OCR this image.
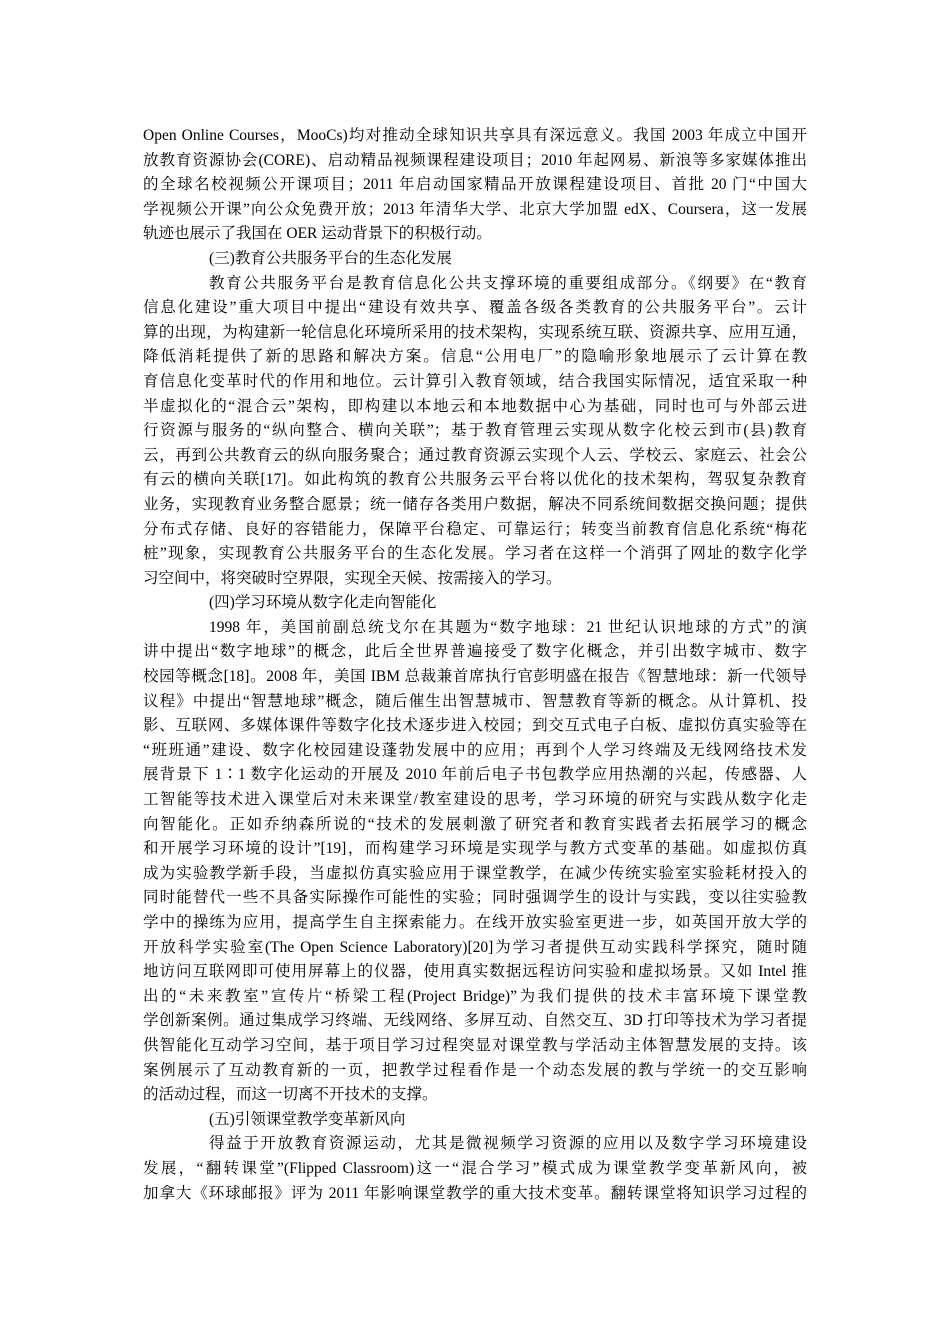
Open Online Courses，MooCs)均对推动全球知识共享具有深远意义。我国 2003 年成立中国开
放教育资源协会(CORE)、启动精品视频课程建设项目；2010 年起网易、新浪等多家媒体推出
的全球名校视频公开课项目；2011 年启动国家精品开放课程建设项目、首批 20 门“中国大
学视频公开课”向公众免费开放；2013 年清华大学、北京大学加盟 edX、Coursera，这一发展
轨迹也展示了我国在 OER 运动背景下的积极行动。
(三)教育公共服务平台的生态化发展
教育公共服务平台是教育信息化公共支撑环境的重要组成部分。《纲要》在“教育
信息化建设”重大项目中提出“建设有效共享、覆盖各级各类教育的公共服务平台”。云计
算的出现，为构建新一轮信息化环境所采用的技术架构，实现系统互联、资源共享、应用互通，
降低消耗提供了新的思路和解决方案。信息“公用电厂”的隐喻形象地展示了云计算在教
育信息化变革时代的作用和地位。云计算引入教育领域，结合我国实际情况，适宜采取一种
半虚拟化的“混合云”架构，即构建以本地云和本地数据中心为基础，同时也可与外部云进
行资源与服务的“纵向整合、横向关联”；基于教育管理云实现从数字化校云到市(县)教育
云，再到公共教育云的纵向服务聚合；通过教育资源云实现个人云、学校云、家庭云、社会公
有云的横向关联[17]。如此构筑的教育公共服务云平台将以优化的技术架构，驾驭复杂教育
业务，实现教育业务整合愿景；统一储存各类用户数据，解决不同系统间数据交换问题；提供
分布式存储、良好的容错能力，保障平台稳定、可靠运行；转变当前教育信息化系统“梅花
桩”现象，实现教育公共服务平台的生态化发展。学习者在这样一个消弭了网址的数字化学
习空间中，将突破时空界限，实现全天候、按需接入的学习。
(四)学习环境从数字化走向智能化
1998 年，美国前副总统戈尔在其题为“数字地球：21 世纪认识地球的方式”的演
讲中提出“数字地球”的概念，此后全世界普遍接受了数字化概念，并引出数字城市、数字
校园等概念[18]。2008 年，美国 IBM 总裁兼首席执行官彭明盛在报告《智慧地球：新一代领导
议程》中提出“智慧地球”概念，随后催生出智慧城市、智慧教育等新的概念。从计算机、投
影、互联网、多媒体课件等数字化技术逐步进入校园；到交互式电子白板、虚拟仿真实验等在
“班班通”建设、数字化校园建设蓬勃发展中的应用；再到个人学习终端及无线网络技术发
展背景下 1∶1 数字化运动的开展及 2010 年前后电子书包教学应用热潮的兴起，传感器、人
工智能等技术进入课堂后对未来课堂/教室建设的思考，学习环境的研究与实践从数字化走
向智能化。正如乔纳森所说的“技术的发展刺激了研究者和教育实践者去拓展学习的概念
和开展学习环境的设计”[19]，而构建学习环境是实现学与教方式变革的基础。如虚拟仿真
成为实验教学新手段，当虚拟仿真实验应用于课堂教学，在减少传统实验室实验耗材投入的
同时能替代一些不具备实际操作可能性的实验；同时强调学生的设计与实践，变以往实验教
学中的操练为应用，提高学生自主探索能力。在线开放实验室更进一步，如英国开放大学的
开放科学实验室(The Open Science Laboratory)[20]为学习者提供互动实践科学探究，随时随
地访问互联网即可使用屏幕上的仪器，使用真实数据远程访问实验和虚拟场景。又如 Intel 推
出的“未来教室”宣传片“桥梁工程(Project Bridge)”为我们提供的技术丰富环境下课堂教
学创新案例。通过集成学习终端、无线网络、多屏互动、自然交互、3D 打印等技术为学习者提
供智能化互动学习空间，基于项目学习过程突显对课堂教与学活动主体智慧发展的支持。该
案例展示了互动教育新的一页，把教学过程看作是一个动态发展的教与学统一的交互影响
的活动过程，而这一切离不开技术的支撑。
(五)引领课堂教学变革新风向
得益于开放教育资源运动，尤其是微视频学习资源的应用以及数字学习环境建设
发展，“翻转课堂”(Flipped Classroom)这一“混合学习”模式成为课堂教学变革新风向，被
加拿大《环球邮报》评为 2011 年影响课堂教学的重大技术变革。翻转课堂将知识学习过程的
